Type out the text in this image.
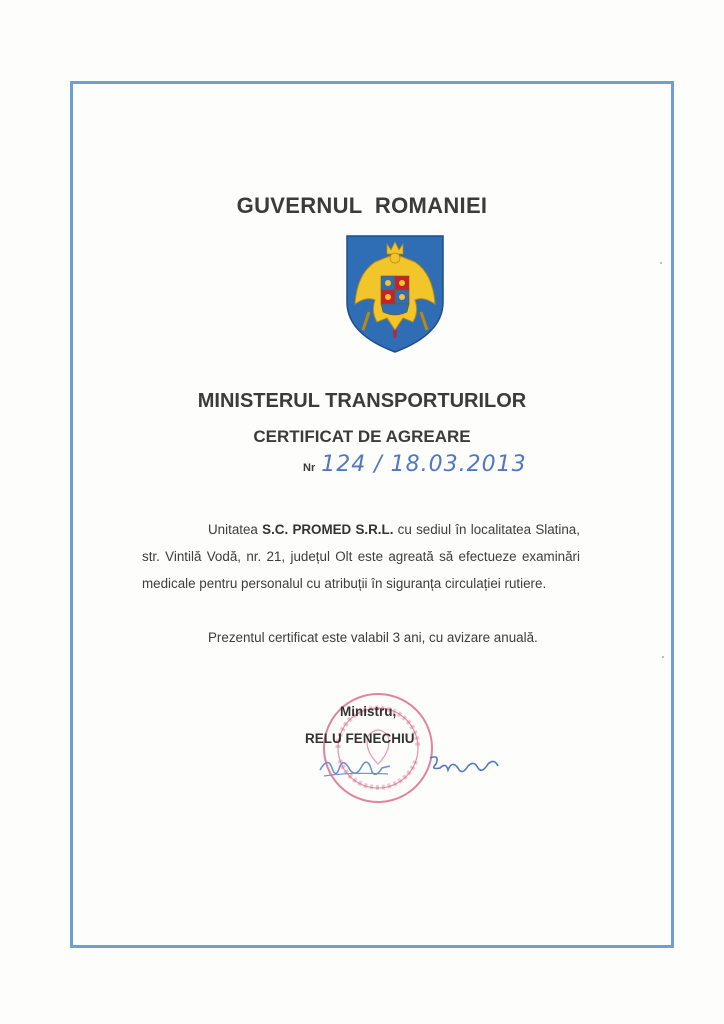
GUVERNUL  ROMANIEI
MINISTERUL TRANSPORTURILOR
CERTIFICAT DE AGREARE
Nr 124 / 18.03.2013

Unitatea S.C. PROMED S.R.L. cu sediul în localitatea Slatina, str. Vintilă Vodă, nr. 21, județul Olt este agreată să efectueze examinări medicale pentru personalul cu atribuții în siguranța circulației rutiere.

Prezentul certificat este valabil 3 ani, cu avizare anuală.

Ministru,
RELU FENECHIU
